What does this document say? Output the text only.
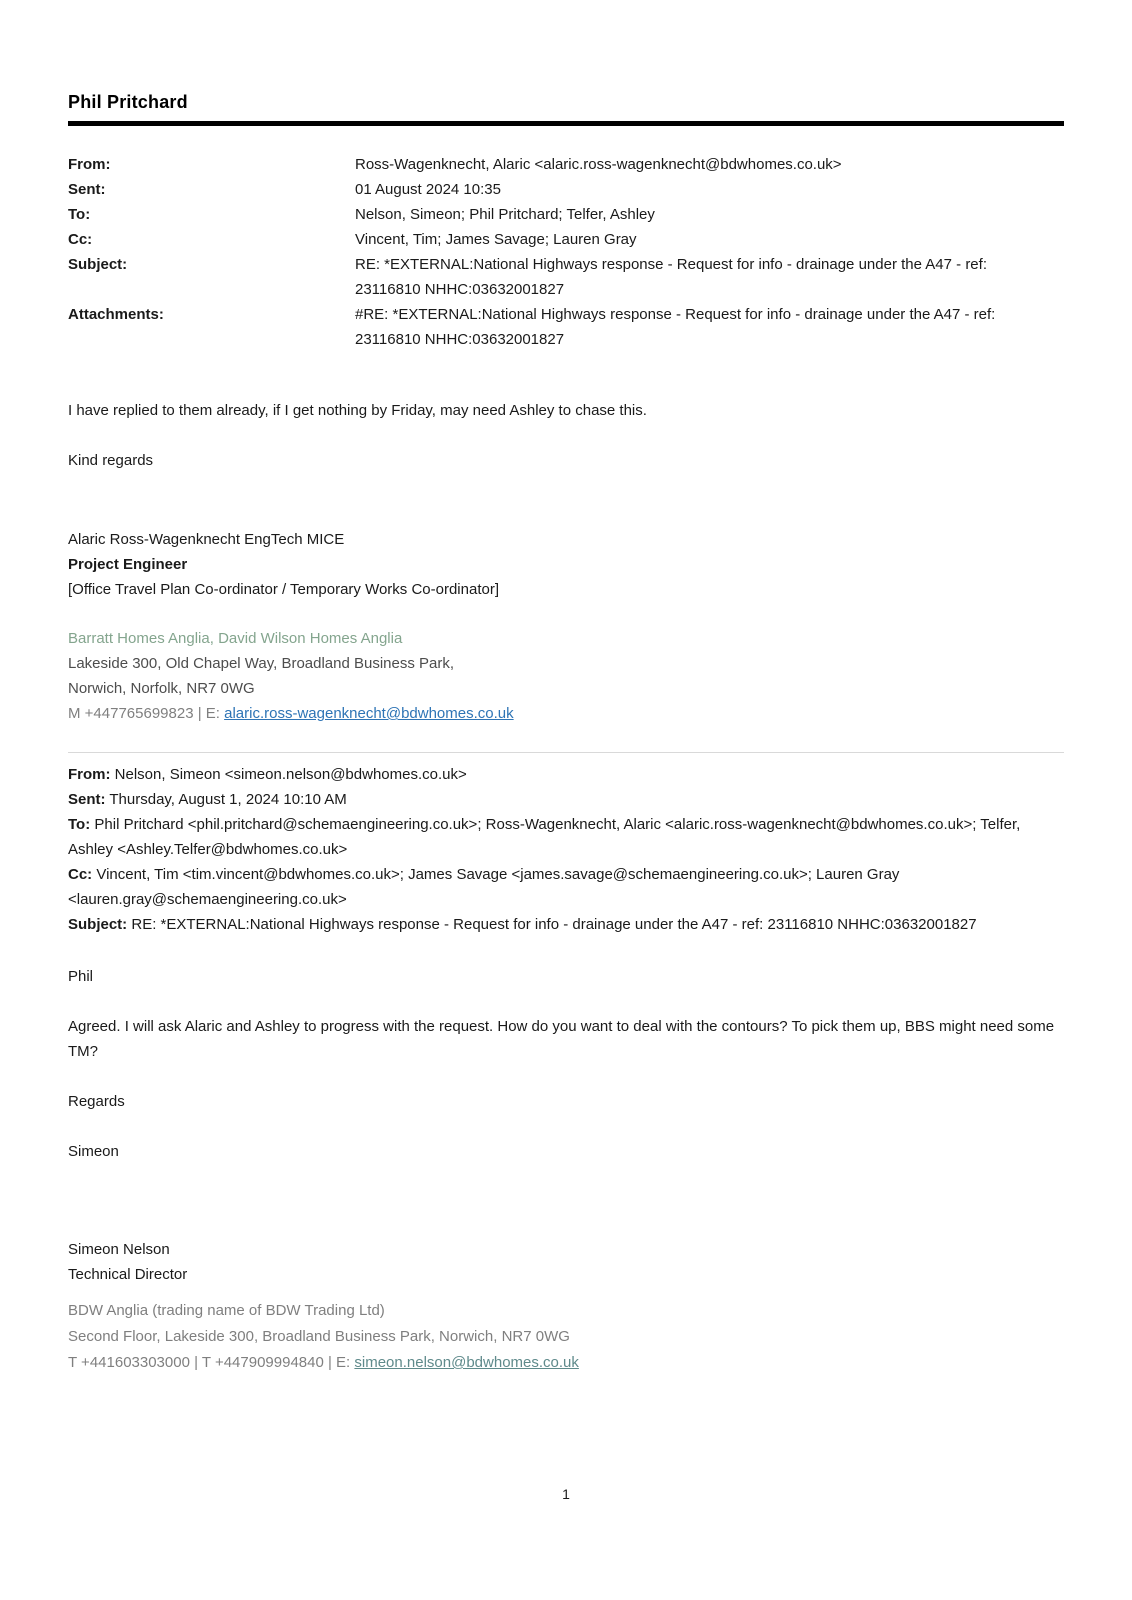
Phil Pritchard
From:	Ross-Wagenknecht, Alaric <alaric.ross-wagenknecht@bdwhomes.co.uk>
Sent:	01 August 2024 10:35
To:	Nelson, Simeon; Phil Pritchard; Telfer, Ashley
Cc:	Vincent, Tim; James Savage; Lauren Gray
Subject:	RE: *EXTERNAL:National Highways response - Request for info - drainage under the A47 - ref:  23116810 NHHC:03632001827
Attachments:	#RE: *EXTERNAL:National Highways response - Request for info - drainage under the A47 - ref:  23116810 NHHC:03632001827

I have replied to them already, if I get nothing by Friday, may need Ashley to chase this.

Kind regards

Alaric Ross-Wagenknecht EngTech MICE

Project Engineer

[Office Travel Plan Co-ordinator / Temporary Works Co-ordinator]

Barratt Homes Anglia, David Wilson Homes Anglia

Lakeside 300, Old Chapel Way, Broadland Business Park,

Norwich, Norfolk, NR7 0WG

M +447765699823 | E: alaric.ross-wagenknecht@bdwhomes.co.uk

From: Nelson, Simeon <simeon.nelson@bdwhomes.co.uk>

Sent: Thursday, August 1, 2024 10:10 AM

To: Phil Pritchard <phil.pritchard@schemaengineering.co.uk>; Ross-Wagenknecht, Alaric <alaric.ross-wagenknecht@bdwhomes.co.uk>; Telfer, Ashley <Ashley.Telfer@bdwhomes.co.uk>

Cc: Vincent, Tim <tim.vincent@bdwhomes.co.uk>; James Savage <james.savage@schemaengineering.co.uk>; Lauren Gray <lauren.gray@schemaengineering.co.uk>

Subject: RE: *EXTERNAL:National Highways response - Request for info - drainage under the A47 - ref: 23116810 NHHC:03632001827

Phil

Agreed. I will ask Alaric and Ashley to progress with the request. How do you want to deal with the contours? To pick them up, BBS might need some TM?

Regards

Simeon

Simeon Nelson

Technical Director

BDW Anglia (trading name of BDW Trading Ltd)

Second Floor, Lakeside 300, Broadland Business Park, Norwich, NR7 0WG

T +441603303000 | T +447909994840 | E: simeon.nelson@bdwhomes.co.uk

1
